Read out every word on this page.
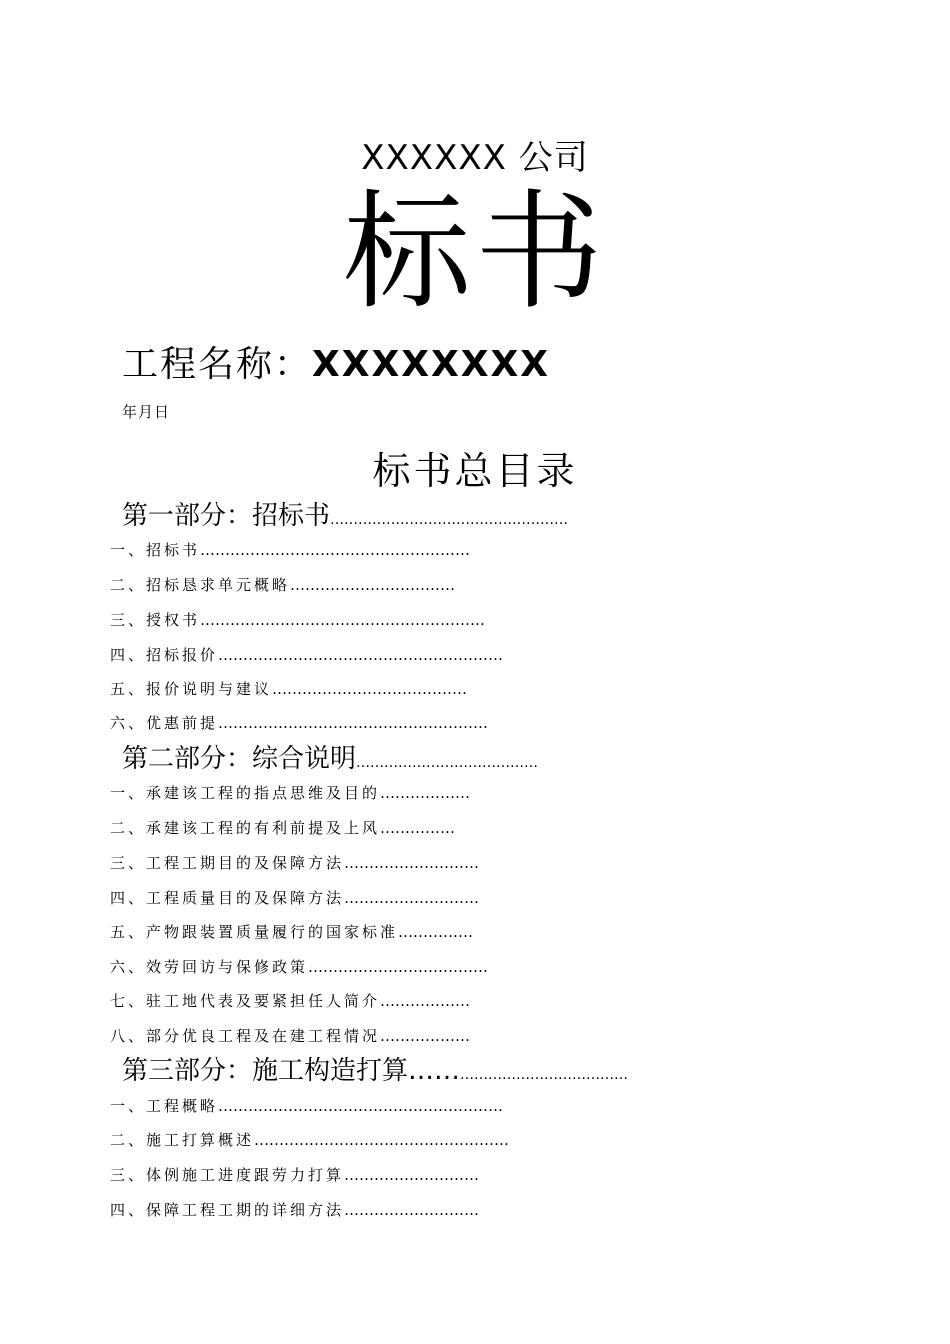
XXXXXX 公司
标书
工程名称：XXXXXXXX
年月日
标书总目录
第一部分：招标书……………………………………………
一、招标书………………………………………………
二、招标恳求单元概略……………………………
三、授权书…………………………………………………
四、招标报价…………………………………………………
五、报价说明与建议…………………………………
六、优惠前提………………………………………………
第二部分：综合说明…………………………………
一、承建该工程的指点思维及目的………………
二、承建该工程的有利前提及上风……………
三、工程工期目的及保障方法………………………
四、工程质量目的及保障方法………………………
五、产物跟装置质量履行的国家标准……………
六、效劳回访与保修政策………………………………
七、驻工地代表及要紧担任人简介………………
八、部分优良工程及在建工程情况………………
第三部分：施工构造打算……………………………………
一、工程概略…………………………………………………
二、施工打算概述……………………………………………
三、体例施工进度跟劳力打算………………………
四、保障工程工期的详细方法………………………
